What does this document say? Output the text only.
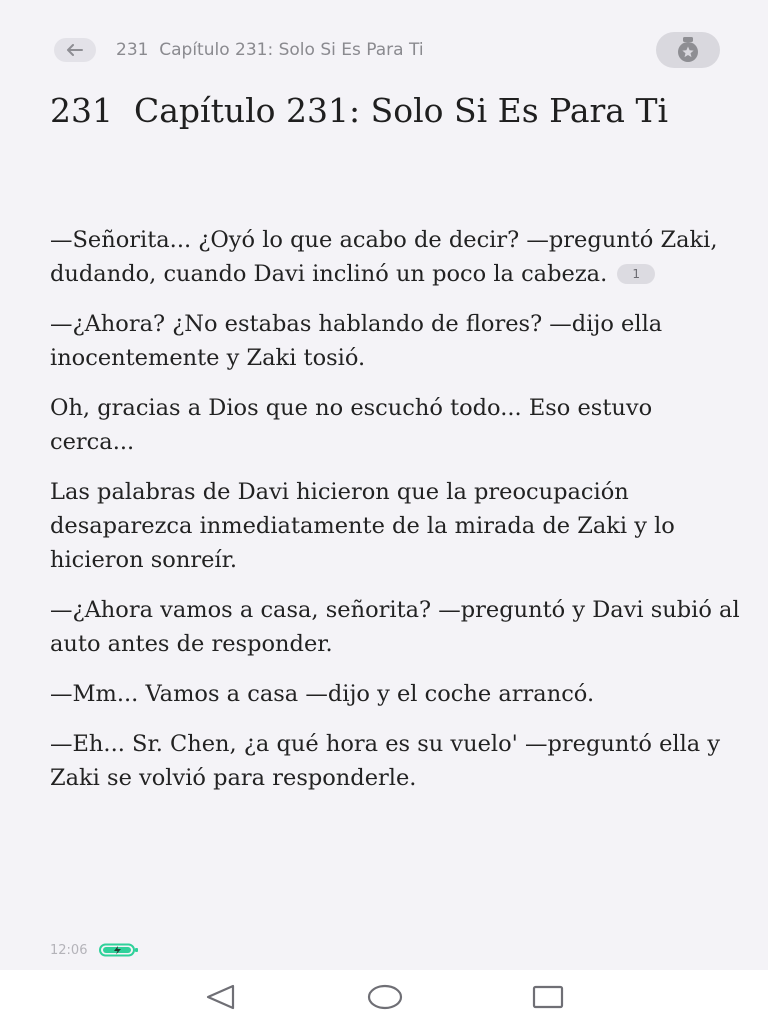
231  Capítulo 231: Solo Si Es Para Ti
231  Capítulo 231: Solo Si Es Para Ti

—Señorita... ¿Oyó lo que acabo de decir? —preguntó Zaki, dudando, cuando Davi inclinó un poco la cabeza. 1

—¿Ahora? ¿No estabas hablando de flores? —dijo ella inocentemente y Zaki tosió.

Oh, gracias a Dios que no escuchó todo... Eso estuvo cerca...

Las palabras de Davi hicieron que la preocupación desaparezca inmediatamente de la mirada de Zaki y lo hicieron sonreír.

—¿Ahora vamos a casa, señorita? —preguntó y Davi subió al auto antes de responder.

—Mm... Vamos a casa —dijo y el coche arrancó.

—Eh... Sr. Chen, ¿a qué hora es su vuelo' —preguntó ella y Zaki se volvió para responderle.

12:06
